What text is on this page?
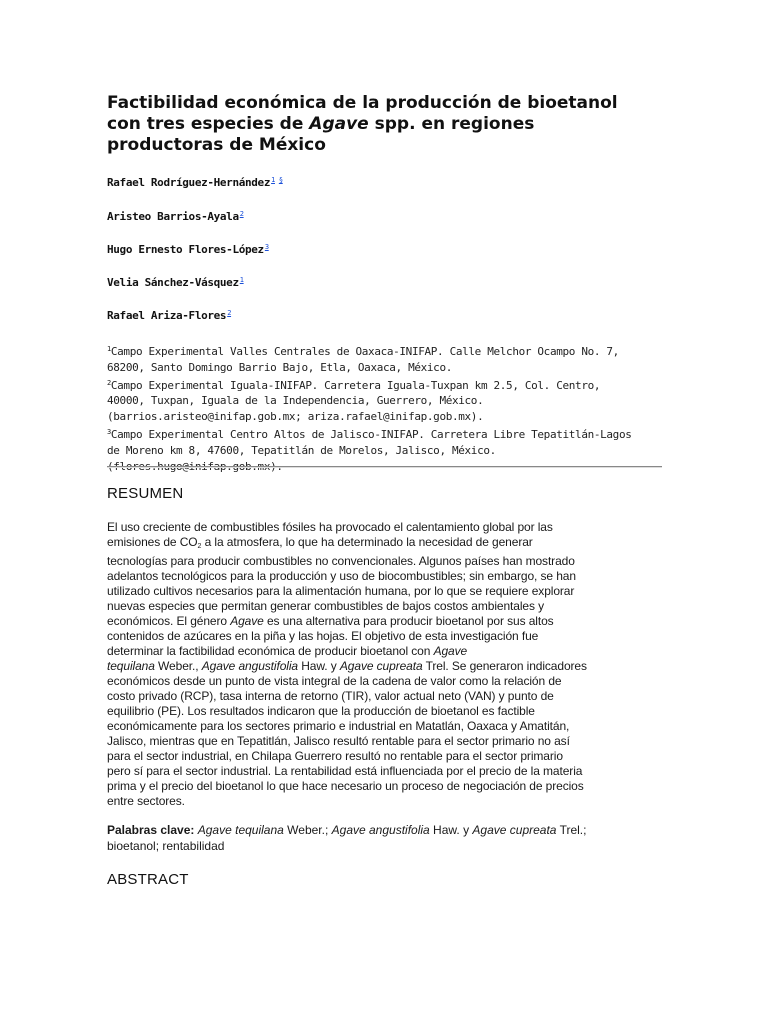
Factibilidad económica de la producción de bioetanol
con tres especies de Agave spp. en regiones
productoras de México
Rafael Rodríguez-Hernández$^{1 \S}$
Aristeo Barrios-Ayala$^2$
Hugo Ernesto Flores-López$^3$
Velia Sánchez-Vásquez$^1$
Rafael Ariza-Flores$^2$
$^1$Campo Experimental Valles Centrales de Oaxaca-INIFAP. Calle Melchor Ocampo No. 7,
68200, Santo Domingo Barrio Bajo, Etla, Oaxaca, México.
$^2$Campo Experimental Iguala-INIFAP. Carretera Iguala-Tuxpan km 2.5, Col. Centro,
40000, Tuxpan, Iguala de la Independencia, Guerrero, México.
(barrios.aristeo@inifap.gob.mx; ariza.rafael@inifap.gob.mx).
$^3$Campo Experimental Centro Altos de Jalisco-INIFAP. Carretera Libre Tepatitlán-Lagos
de Moreno km 8, 47600, Tepatitlán de Morelos, Jalisco, México.
(flores.hugo@inifap.gob.mx).
RESUMEN
El uso creciente de combustibles fósiles ha provocado el calentamiento global por las
emisiones de $CO_2$ a la atmosfera, lo que ha determinado la necesidad de generar
tecnologías para producir combustibles no convencionales. Algunos países han mostrado
adelantos tecnológicos para la producción y uso de biocombustibles; sin embargo, se han
utilizado cultivos necesarios para la alimentación humana, por lo que se requiere explorar
nuevas especies que permitan generar combustibles de bajos costos ambientales y
económicos. El género Agave es una alternativa para producir bioetanol por sus altos
contenidos de azúcares en la piña y las hojas. El objetivo de esta investigación fue
determinar la factibilidad económica de producir bioetanol con Agave
tequilana Weber., Agave angustifolia Haw. y Agave cupreata Trel. Se generaron indicadores
económicos desde un punto de vista integral de la cadena de valor como la relación de
costo privado (RCP), tasa interna de retorno (TIR), valor actual neto (VAN) y punto de
equilibrio (PE). Los resultados indicaron que la producción de bioetanol es factible
económicamente para los sectores primario e industrial en Matatlán, Oaxaca y Amatitán,
Jalisco, mientras que en Tepatitlán, Jalisco resultó rentable para el sector primario no así
para el sector industrial, en Chilapa Guerrero resultó no rentable para el sector primario
pero sí para el sector industrial. La rentabilidad está influenciada por el precio de la materia
prima y el precio del bioetanol lo que hace necesario un proceso de negociación de precios
entre sectores.
Palabras clave: Agave tequilana Weber.; Agave angustifolia Haw. y Agave cupreata Trel.;
bioetanol; rentabilidad
ABSTRACT
